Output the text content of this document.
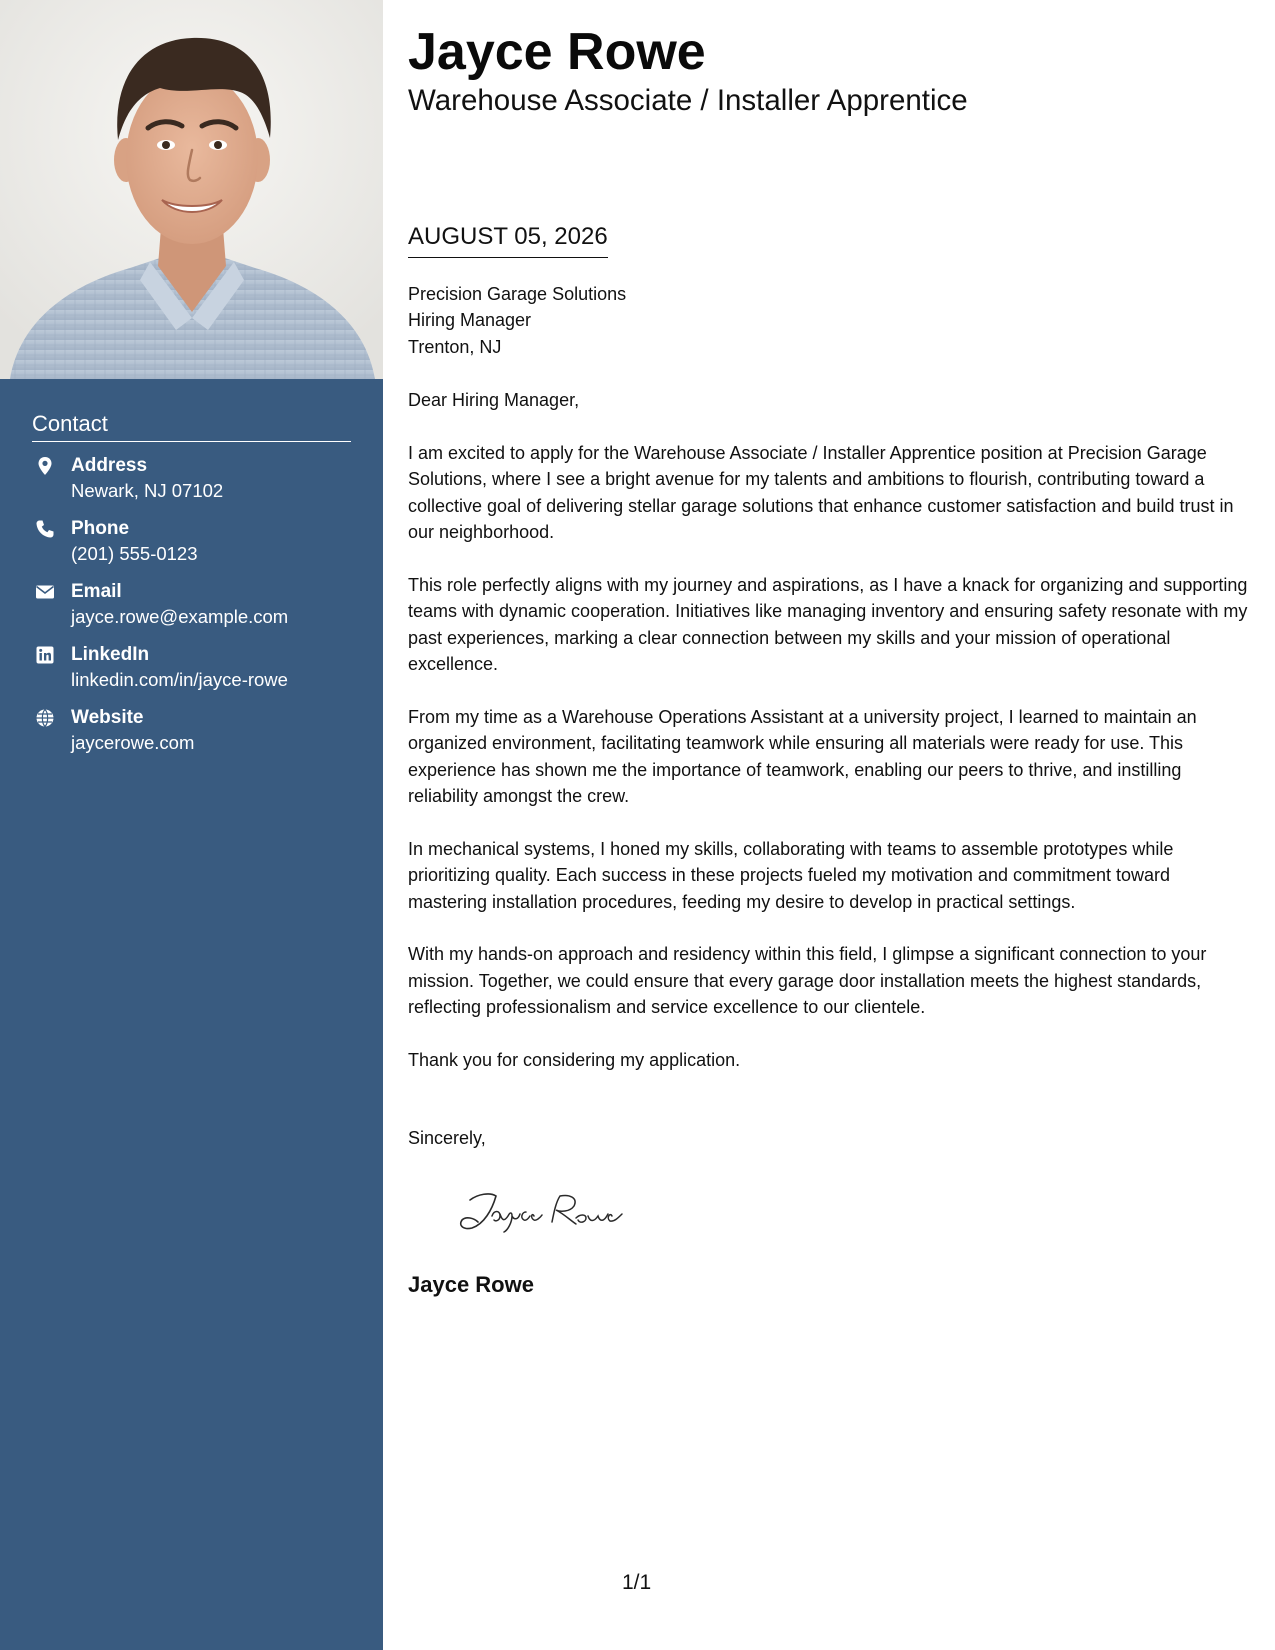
Contact
Address
Newark, NJ 07102
Phone
(201) 555-0123
Email
jayce.rowe@example.com
LinkedIn
linkedin.com/in/jayce-rowe
Website
jaycerowe.com
Jayce Rowe
Warehouse Associate / Installer Apprentice
AUGUST 05, 2026
Precision Garage Solutions
Hiring Manager
Trenton, NJ

Dear Hiring Manager,

I am excited to apply for the Warehouse Associate / Installer Apprentice position at Precision Garage Solutions, where I see a bright avenue for my talents and ambitions to flourish, contributing toward a collective goal of delivering stellar garage solutions that enhance customer satisfaction and build trust in our neighborhood.

This role perfectly aligns with my journey and aspirations, as I have a knack for organizing and supporting teams with dynamic cooperation. Initiatives like managing inventory and ensuring safety resonate with my past experiences, marking a clear connection between my skills and your mission of operational excellence.

From my time as a Warehouse Operations Assistant at a university project, I learned to maintain an organized environment, facilitating teamwork while ensuring all materials were ready for use. This experience has shown me the importance of teamwork, enabling our peers to thrive, and instilling reliability amongst the crew.

In mechanical systems, I honed my skills, collaborating with teams to assemble prototypes while prioritizing quality. Each success in these projects fueled my motivation and commitment toward mastering installation procedures, feeding my desire to develop in practical settings.

With my hands-on approach and residency within this field, I glimpse a significant connection to your mission. Together, we could ensure that every garage door installation meets the highest standards, reflecting professionalism and service excellence to our clientele.

Thank you for considering my application.

Sincerely,
Jayce Rowe
1/1
